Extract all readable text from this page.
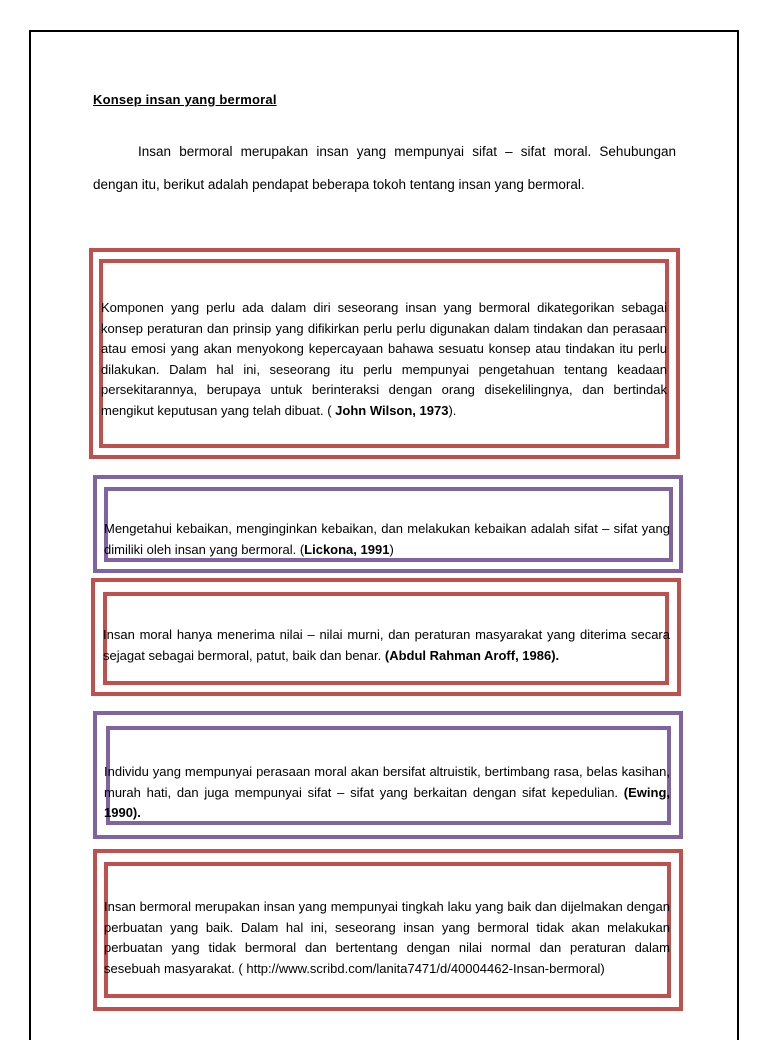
Konsep insan yang bermoral

Insan bermoral merupakan insan yang mempunyai sifat – sifat moral. Sehubungan dengan itu, berikut adalah pendapat beberapa tokoh tentang insan yang bermoral.

Komponen yang perlu ada dalam diri seseorang insan yang bermoral dikategorikan sebagai konsep peraturan dan prinsip yang difikirkan perlu perlu digunakan dalam tindakan dan perasaan atau emosi yang akan menyokong kepercayaan bahawa sesuatu konsep atau tindakan itu perlu dilakukan. Dalam hal ini, seseorang itu perlu mempunyai pengetahuan tentang keadaan persekitarannya, berupaya untuk berinteraksi dengan orang disekelilingnya, dan bertindak mengikut keputusan yang telah dibuat. ( John Wilson, 1973).

Mengetahui kebaikan, menginginkan kebaikan, dan melakukan kebaikan adalah sifat – sifat yang dimiliki oleh insan yang bermoral. (Lickona, 1991)

Insan moral hanya menerima nilai – nilai murni, dan peraturan masyarakat yang diterima secara sejagat sebagai bermoral, patut, baik dan benar. (Abdul Rahman Aroff, 1986).

Individu yang mempunyai perasaan moral akan bersifat altruistik, bertimbang rasa, belas kasihan, murah hati, dan juga mempunyai sifat – sifat yang berkaitan dengan sifat kepedulian. (Ewing, 1990).

Insan bermoral merupakan insan yang mempunyai tingkah laku yang baik dan dijelmakan dengan perbuatan yang baik. Dalam hal ini, seseorang insan yang bermoral tidak akan melakukan perbuatan yang tidak bermoral dan bertentang dengan nilai normal dan peraturan dalam sesebuah masyarakat. ( http://www.scribd.com/lanita7471/d/40004462-Insan-bermoral)
